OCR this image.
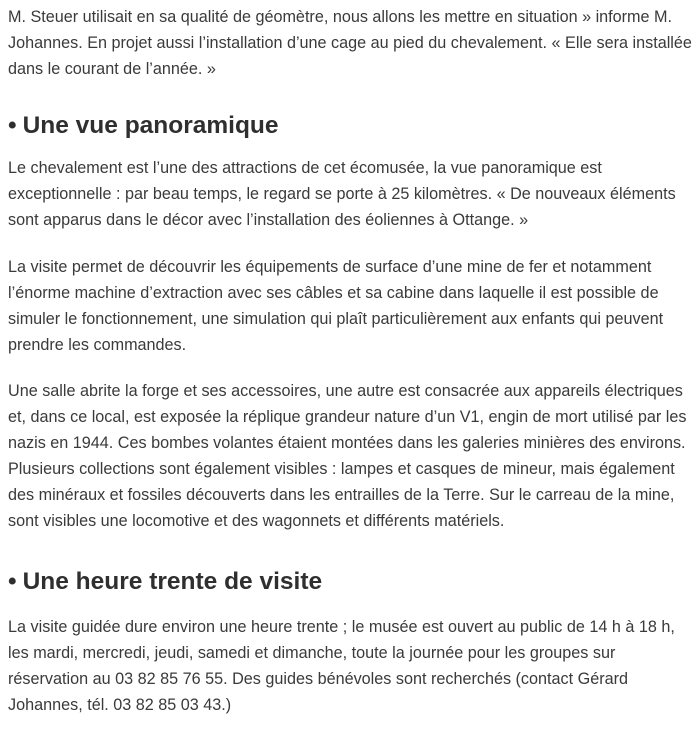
M. Steuer utilisait en sa qualité de géomètre, nous allons les mettre en situation » informe M. Johannes. En projet aussi l’installation d’une cage au pied du chevalement. « Elle sera installée dans le courant de l’année. »

• Une vue panoramique

Le chevalement est l’une des attractions de cet écomusée, la vue panoramique est exceptionnelle : par beau temps, le regard se porte à 25 kilomètres. « De nouveaux éléments sont apparus dans le décor avec l’installation des éoliennes à Ottange. »

La visite permet de découvrir les équipements de surface d’une mine de fer et notamment l’énorme machine d’extraction avec ses câbles et sa cabine dans laquelle il est possible de simuler le fonctionnement, une simulation qui plaît particulièrement aux enfants qui peuvent prendre les commandes.

Une salle abrite la forge et ses accessoires, une autre est consacrée aux appareils électriques et, dans ce local, est exposée la réplique grandeur nature d’un V1, engin de mort utilisé par les nazis en 1944. Ces bombes volantes étaient montées dans les galeries minières des environs. Plusieurs collections sont également visibles : lampes et casques de mineur, mais également des minéraux et fossiles découverts dans les entrailles de la Terre. Sur le carreau de la mine, sont visibles une locomotive et des wagonnets et différents matériels.

• Une heure trente de visite

La visite guidée dure environ une heure trente ; le musée est ouvert au public de 14 h à 18 h, les mardi, mercredi, jeudi, samedi et dimanche, toute la journée pour les groupes sur réservation au 03 82 85 76 55. Des guides bénévoles sont recherchés (contact Gérard Johannes, tél. 03 82 85 03 43.)
